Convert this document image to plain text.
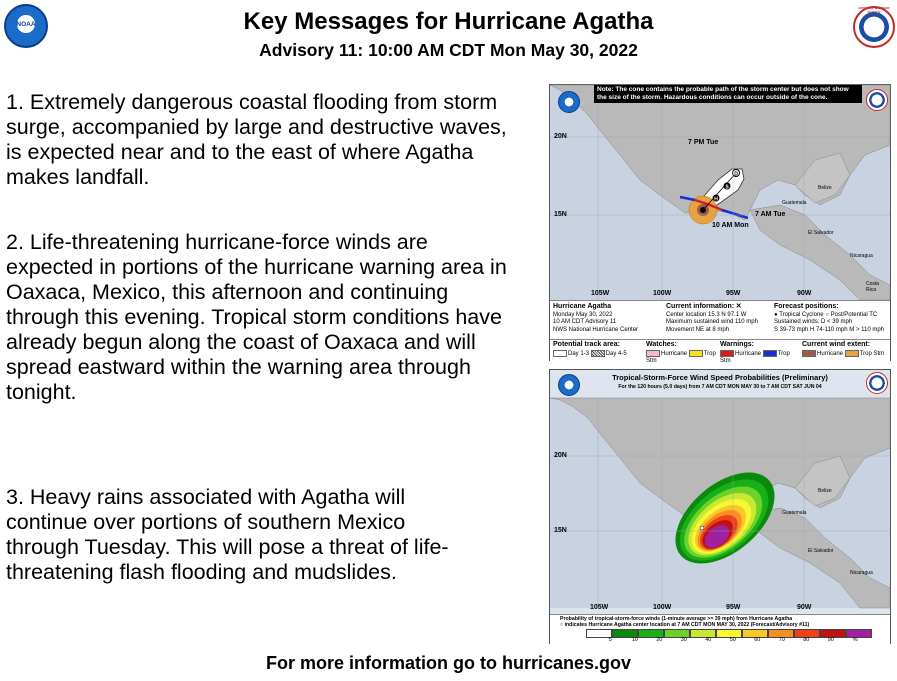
NOAA
NATIONAL WEATHER SERVICE
Key Messages for Hurricane Agatha
Advisory 11: 10:00 AM CDT Mon May 30, 2022
1. Extremely dangerous coastal flooding from storm surge, accompanied by large and destructive waves, is expected near and to the east of where Agatha makes landfall.
2. Life-threatening hurricane-force winds are expected in portions of the hurricane warning area in Oaxaca, Mexico, this afternoon and continuing through this evening. Tropical storm conditions have already begun along the coast of Oaxaca and will spread eastward within the warning area through tonight.
3. Heavy rains associated with Agatha will continue over portions of southern Mexico through Tuesday. This will pose a threat of life-threatening flash flooding and mudslides.
H
S
D
Note: The cone contains the probable path of the storm center but does not show the size of the storm. Hazardous conditions can occur outside of the cone.
20N
15N
105W	100W	95W	90W
7 PM Tue
7 AM Tue
10 AM Mon
Belize
Guatemala
El Salvador
Nicaragua
Costa Rica
Hurricane Agatha
Monday May 30, 2022
10 AM CDT Advisory 11
NWS National Hurricane Center
Current information: ✕
Center location 15.3 N 97.1 W
Maximum sustained wind 110 mph
Movement NE at 8 mph
Forecast positions:
● Tropical Cyclone ○ Post/Potential TC
Sustained winds: D < 39 mph
S 39-73 mph H 74-110 mph M > 110 mph
Potential track area:
Day 1-3	Day 4-5
Watches:
Hurricane	Trop Stm
Warnings:
Hurricane	Trop Stm
Current wind extent:
Hurricane	Trop Stm
Tropical-Storm-Force Wind Speed Probabilities (Preliminary)
For the 120 hours (5.0 days) from 7 AM CDT MON MAY 30 to 7 AM CDT SAT JUN 04
20N
15N
105W	100W	95W	90W
Belize
Guatemala
El Salvador
Nicaragua
Probability of tropical-storm-force winds (1-minute average >= 39 mph) from Hurricane Agatha
○ indicates Hurricane Agatha center location at 7 AM CDT MON MAY 30, 2022 (Forecast/Advisory #11)
5	10	20	30	40	50	60	70	80	90	%
For more information go to hurricanes.gov
